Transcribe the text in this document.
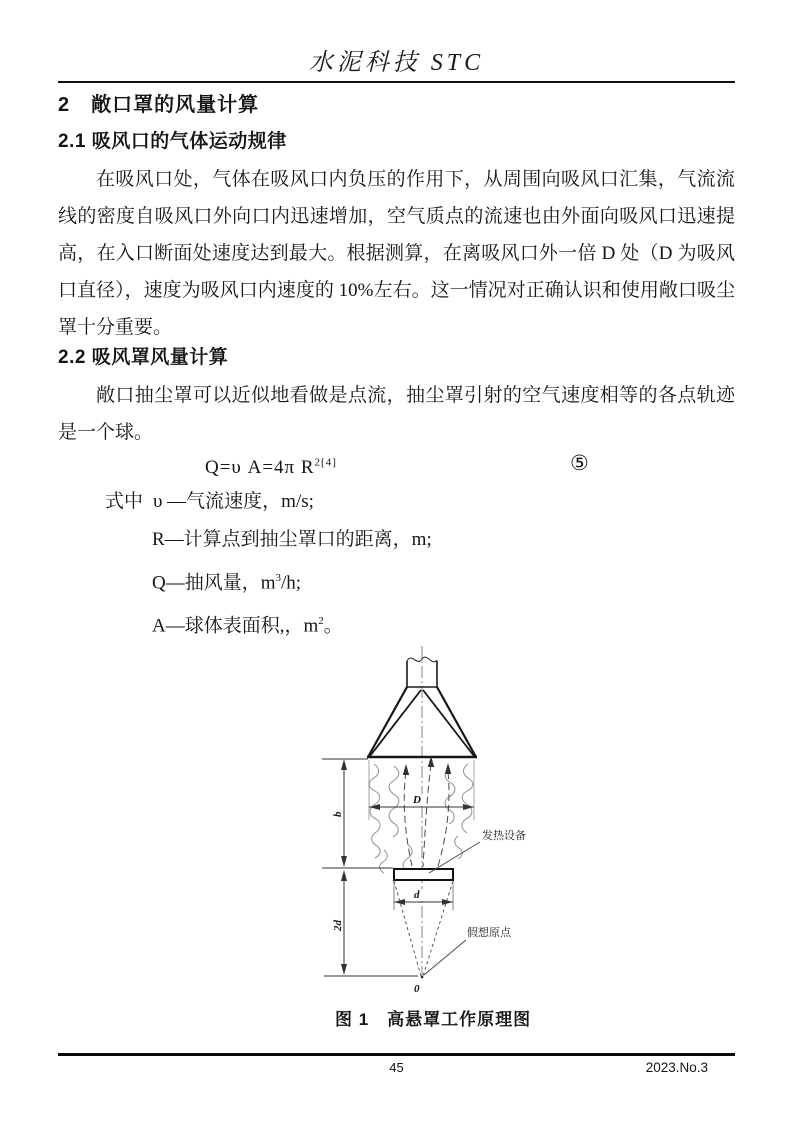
水泥科技 STC
2　敞口罩的风量计算
2.1 吸风口的气体运动规律
在吸风口处，气体在吸风口内负压的作用下，从周围向吸风口汇集，气流流
线的密度自吸风口外向口内迅速增加，空气质点的流速也由外面向吸风口迅速提
高，在入口断面处速度达到最大。根据测算，在离吸风口外一倍 D 处（D 为吸风
口直径），速度为吸风口内速度的 10%左右。这一情况对正确认识和使用敞口吸尘
罩十分重要。
2.2 吸风罩风量计算
敞口抽尘罩可以近似地看做是点流，抽尘罩引射的空气速度相等的各点轨迹
是一个球。
Q=υ A=4π $R^{2[4]}$	⑤
式中 υ —气流速度，m/s;
R—计算点到抽尘罩口的距离，m;
Q—抽风量，$m^3/h$;
A—球体表面积,，$m^2$。
D
d
0
b
2d
发热设备
假想原点
图 1　高悬罩工作原理图
45	2023.No.3
